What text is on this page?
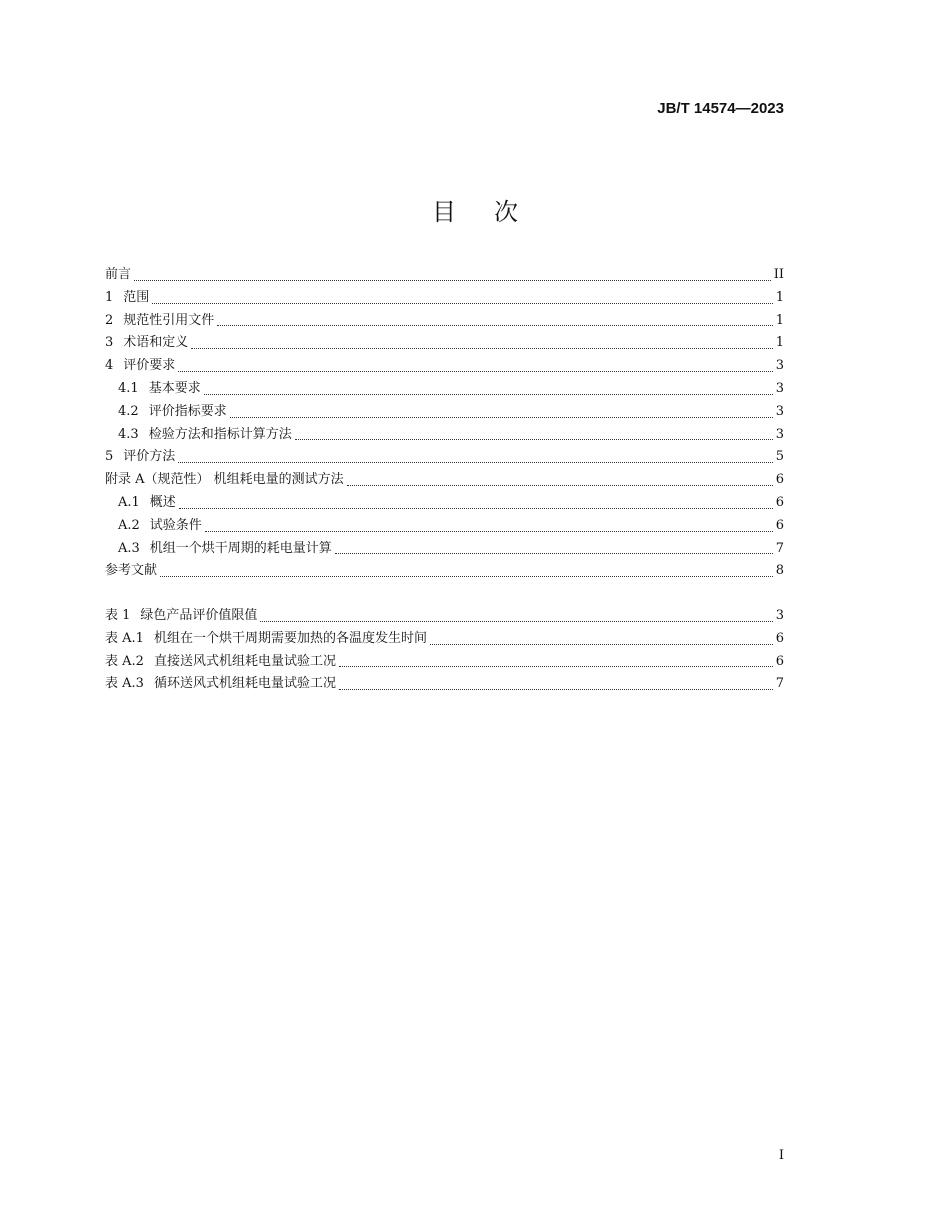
JB/T 14574—2023
目次
前言	II
1 范围	1
2 规范性引用文件	1
3 术语和定义	1
4 评价要求	3
4.1 基本要求	3
4.2 评价指标要求	3
4.3 检验方法和指标计算方法	3
5 评价方法	5
附录 A（规范性） 机组耗电量的测试方法	6
A.1 概述	6
A.2 试验条件	6
A.3 机组一个烘干周期的耗电量计算	7
参考文献	8
表 1 绿色产品评价值限值	3
表 A.1 机组在一个烘干周期需要加热的各温度发生时间	6
表 A.2 直接送风式机组耗电量试验工况	6
表 A.3 循环送风式机组耗电量试验工况	7
I
